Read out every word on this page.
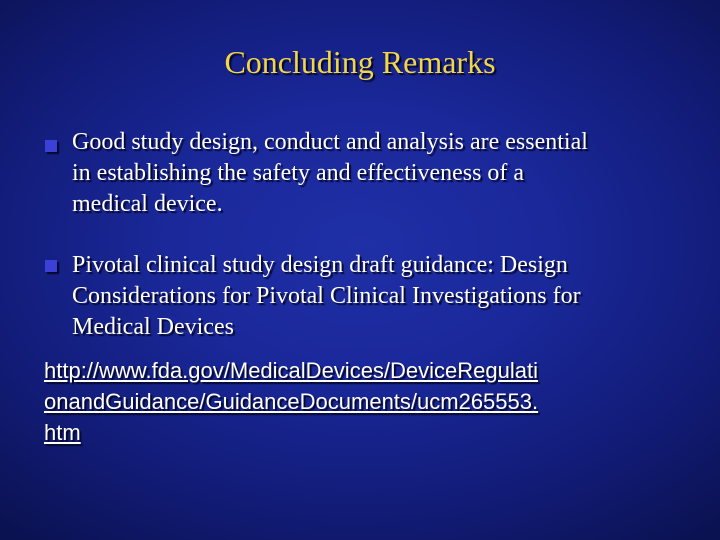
Concluding Remarks
Good study design, conduct and analysis are essential
in establishing the safety and effectiveness of a
medical device.
Pivotal clinical study design draft guidance: Design
Considerations for Pivotal Clinical Investigations for
Medical Devices
http://www.fda.gov/MedicalDevices/DeviceRegulati
onandGuidance/GuidanceDocuments/ucm265553.
htm
